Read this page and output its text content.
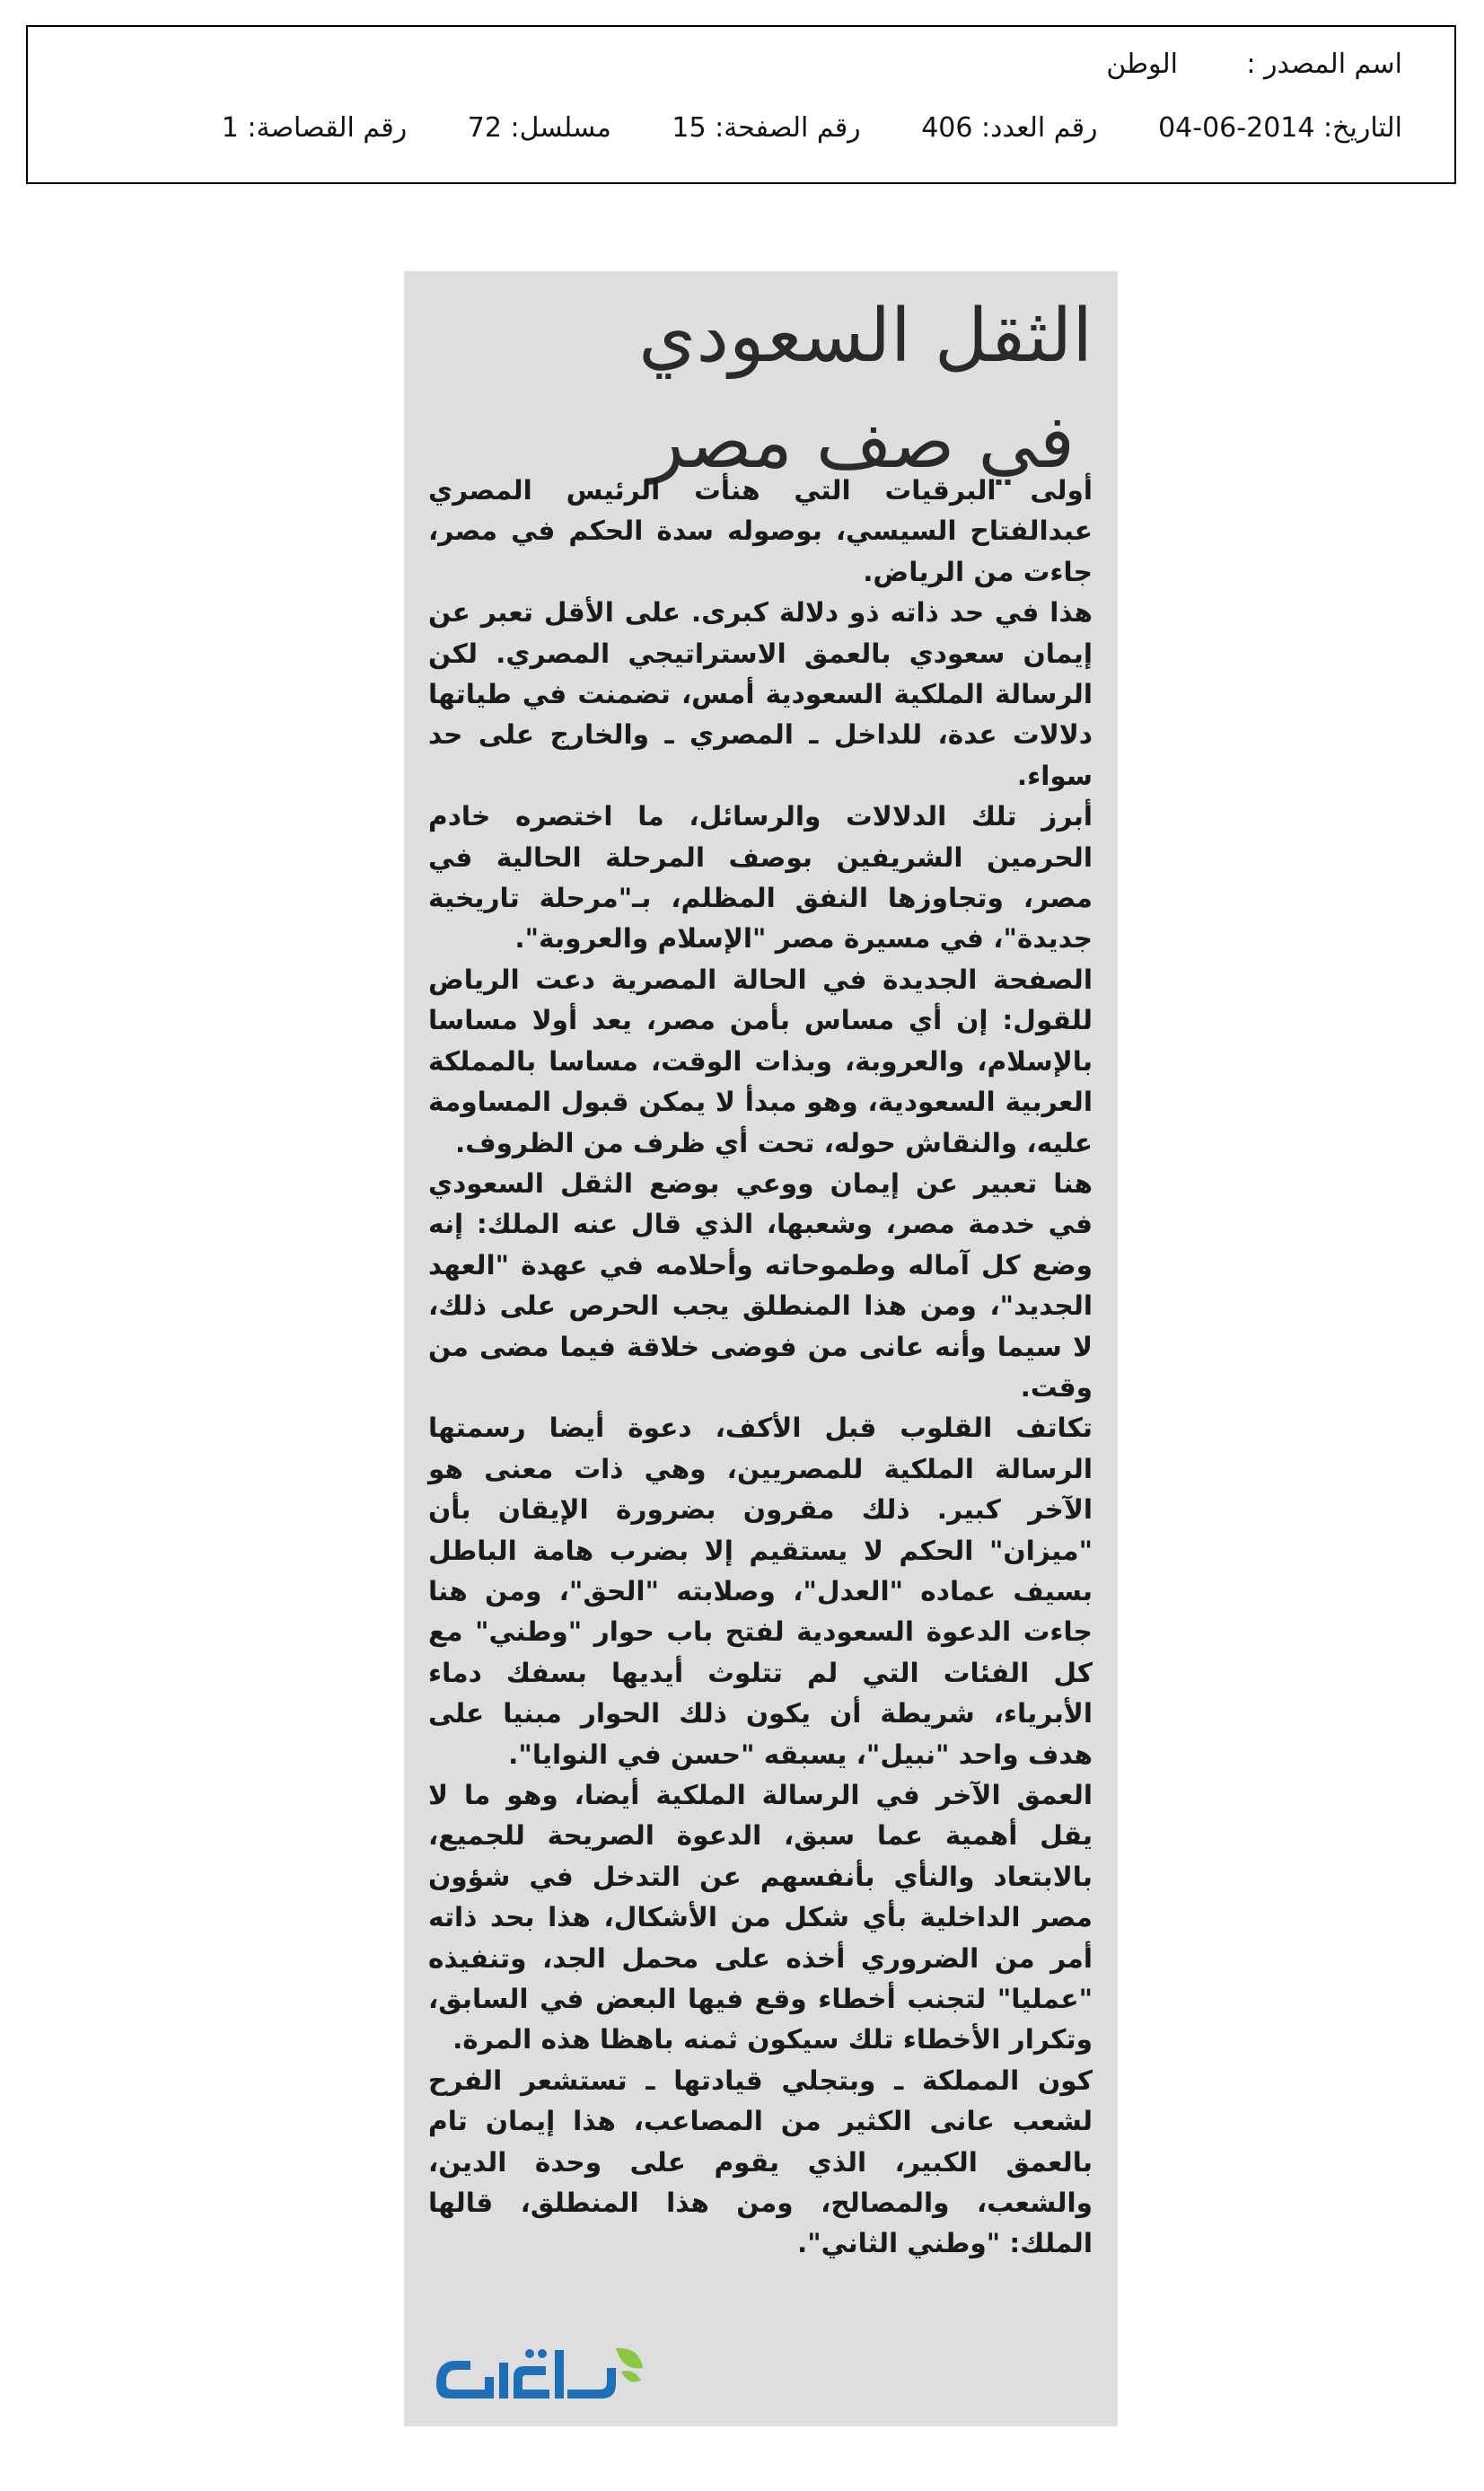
اسم المصدر :الوطن
التاريخ: 2014-06-04 رقم العدد: 406 رقم الصفحة: 15 مسلسل: 72 رقم القصاصة: 1
الثقل السعودي
في صف مصر

أولى البرقيات التي هنأت الرئيس المصري عبدالفتاح السيسي، بوصوله سدة الحكم في مصر، جاءت من الرياض.

هذا في حد ذاته ذو دلالة كبرى. على الأقل تعبر عن إيمان سعودي بالعمق الاستراتيجي المصري. لكن الرسالة الملكية السعودية أمس، تضمنت في طياتها دلالات عدة، للداخل ـ المصري ـ والخارج على حد سواء.

أبرز تلك الدلالات والرسائل، ما اختصره خادم الحرمين الشريفين بوصف المرحلة الحالية في مصر، وتجاوزها النفق المظلم، بـ"مرحلة تاريخية جديدة"، في مسيرة مصر "الإسلام والعروبة".

الصفحة الجديدة في الحالة المصرية دعت الرياض للقول: إن أي مساس بأمن مصر، يعد أولا مساسا بالإسلام، والعروبة، وبذات الوقت، مساسا بالمملكة العربية السعودية، وهو مبدأ لا يمكن قبول المساومة عليه، والنقاش حوله، تحت أي ظرف من الظروف.

هنا تعبير عن إيمان ووعي بوضع الثقل السعودي في خدمة مصر، وشعبها، الذي قال عنه الملك: إنه وضع كل آماله وطموحاته وأحلامه في عهدة "العهد الجديد"، ومن هذا المنطلق يجب الحرص على ذلك، لا سيما وأنه عانى من فوضى خلاقة فيما مضى من وقت.

تكاتف القلوب قبل الأكف، دعوة أيضا رسمتها الرسالة الملكية للمصريين، وهي ذات معنى هو الآخر كبير. ذلك مقرون بضرورة الإيقان بأن "ميزان" الحكم لا يستقيم إلا بضرب هامة الباطل بسيف عماده "العدل"، وصلابته "الحق"، ومن هنا جاءت الدعوة السعودية لفتح باب حوار "وطني" مع كل الفئات التي لم تتلوث أيديها بسفك دماء الأبرياء، شريطة أن يكون ذلك الحوار مبنيا على هدف واحد "نبيل"، يسبقه "حسن في النوايا".

العمق الآخر في الرسالة الملكية أيضا، وهو ما لا يقل أهمية عما سبق، الدعوة الصريحة للجميع، بالابتعاد والنأي بأنفسهم عن التدخل في شؤون مصر الداخلية بأي شكل من الأشكال، هذا بحد ذاته أمر من الضروري أخذه على محمل الجد، وتنفيذه "عمليا" لتجنب أخطاء وقع فيها البعض في السابق، وتكرار الأخطاء تلك سيكون ثمنه باهظا هذه المرة.

كون المملكة ـ وبتجلي قيادتها ـ تستشعر الفرح لشعب عانى الكثير من المصاعب، هذا إيمان تام بالعمق الكبير، الذي يقوم على وحدة الدين، والشعب، والمصالح، ومن هذا المنطلق، قالها الملك: "وطني الثاني".
